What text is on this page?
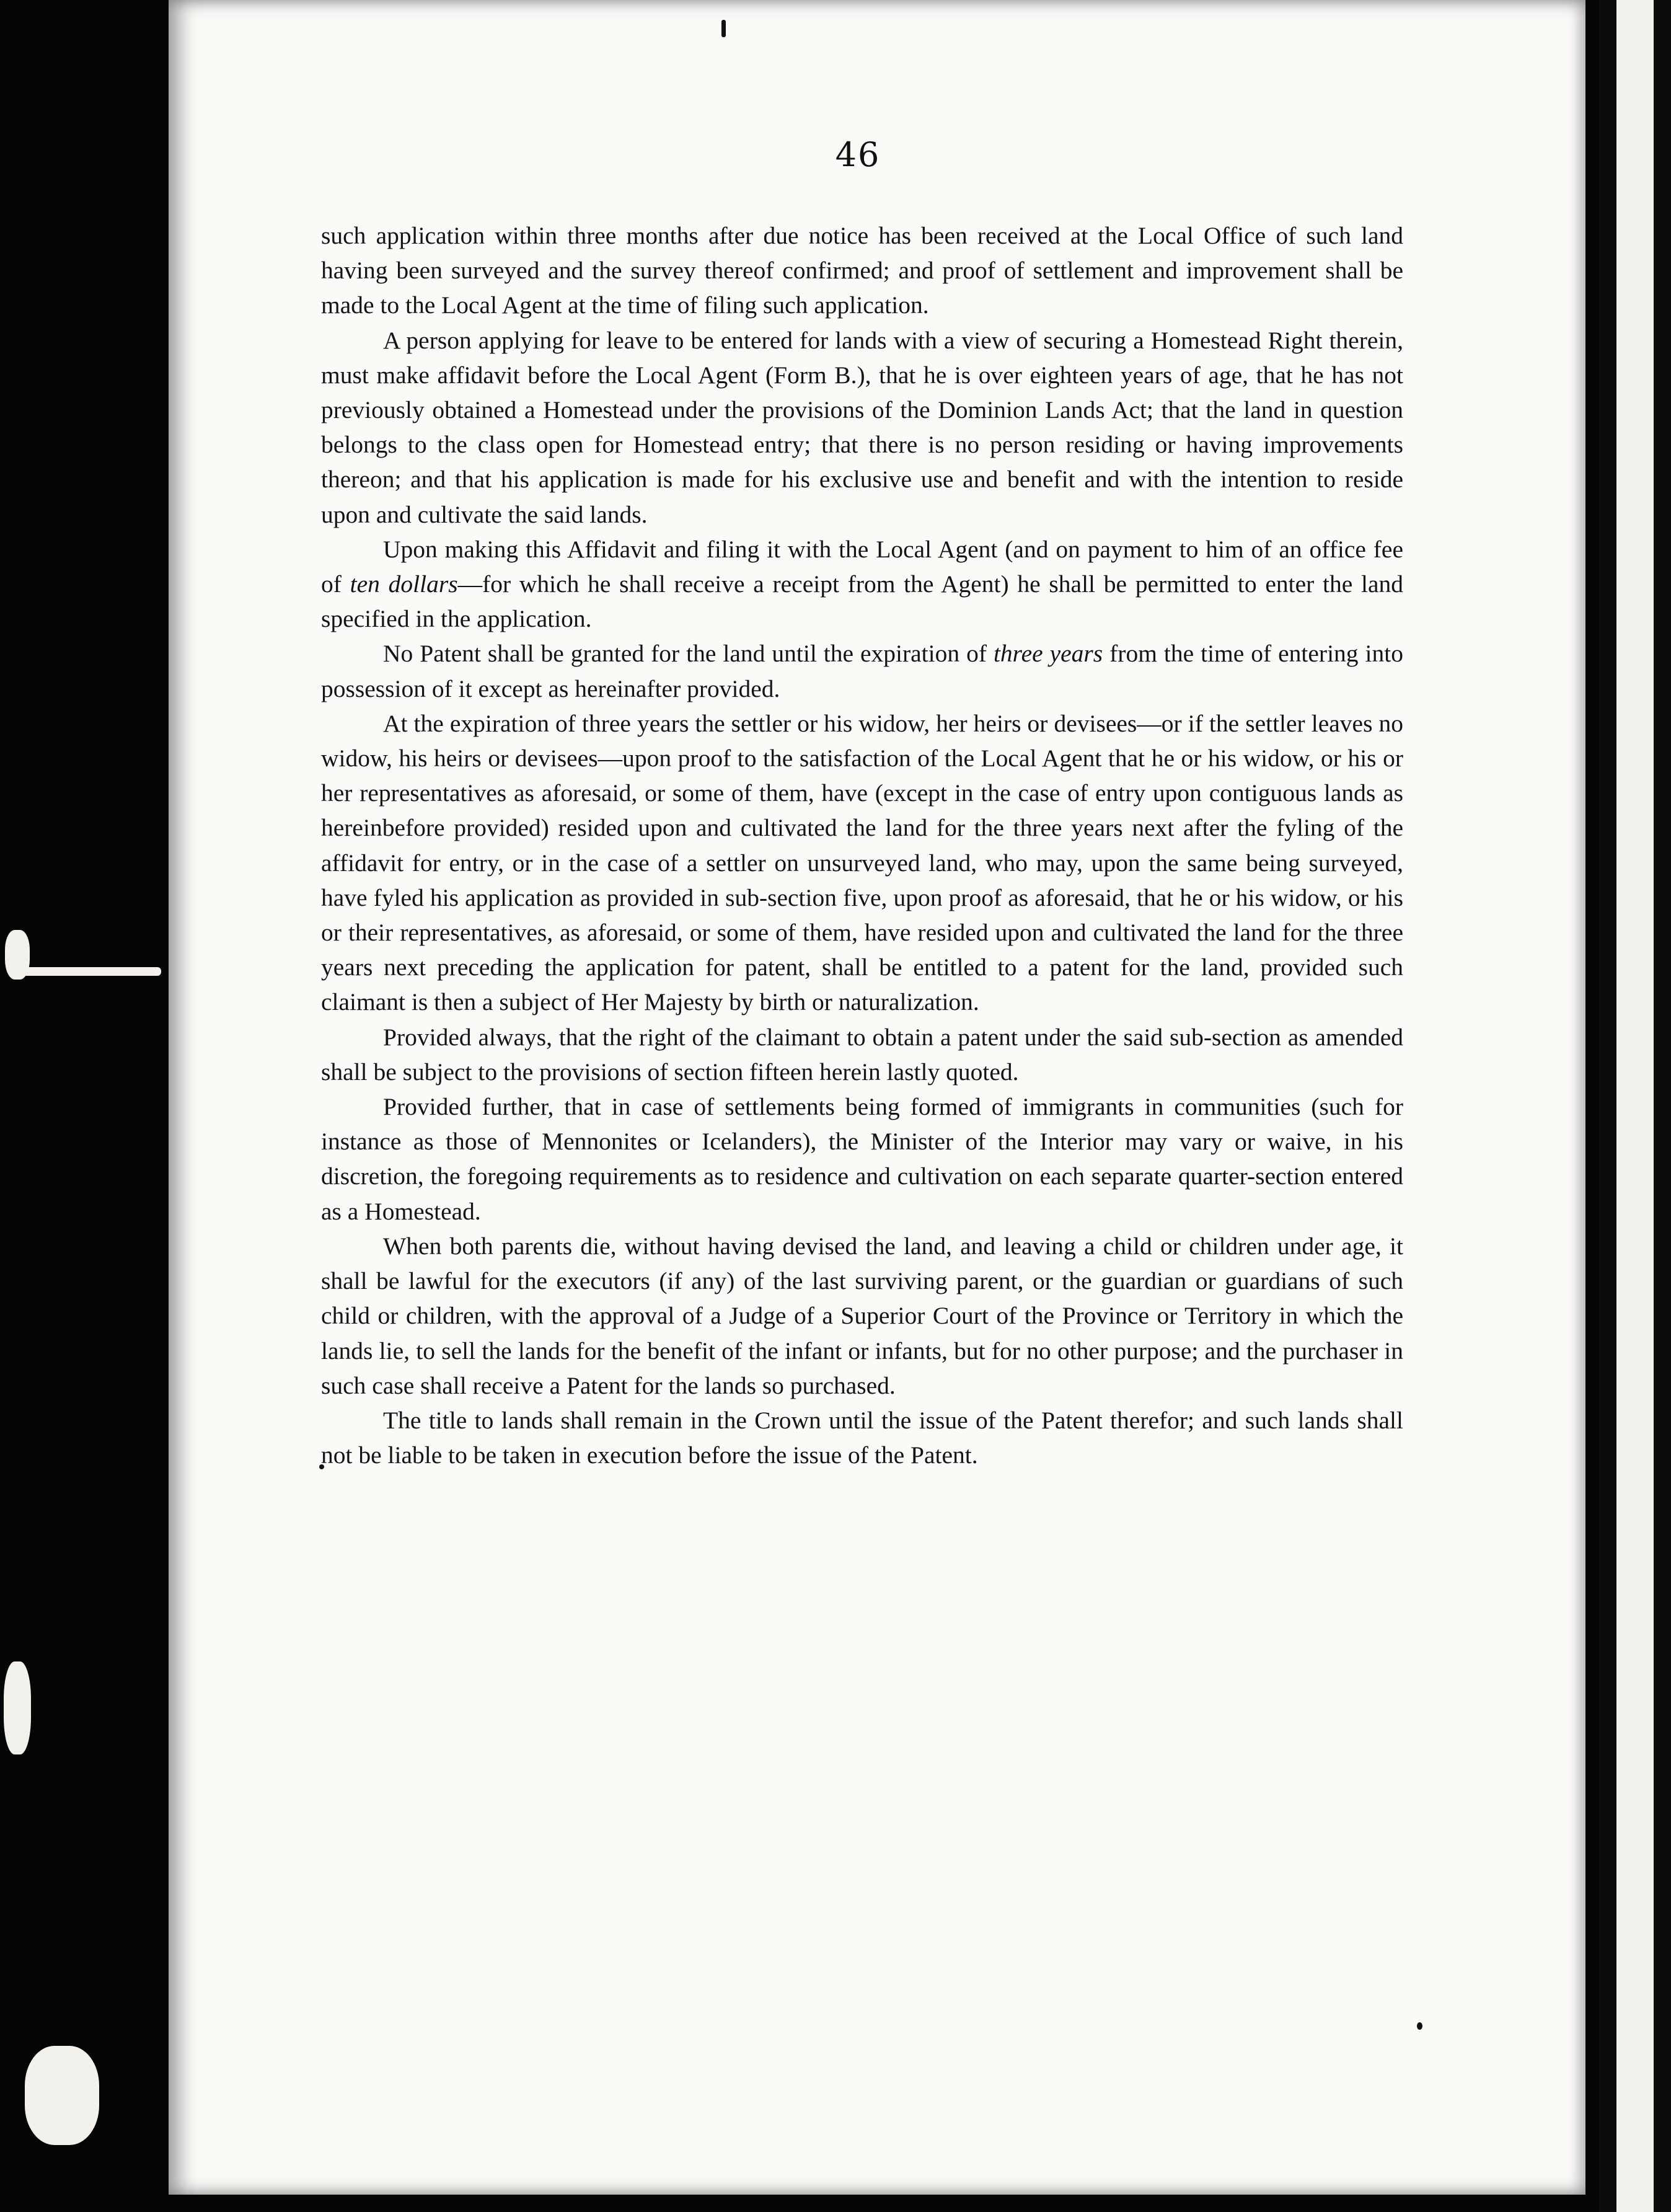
46

such application within three months after due notice has been received at the Local Office of such land having been surveyed and the survey thereof confirmed; and proof of settlement and improvement shall be made to the Local Agent at the time of filing such application.

A person applying for leave to be entered for lands with a view of securing a Homestead Right therein, must make affidavit before the Local Agent (Form B.), that he is over eighteen years of age, that he has not previously obtained a Homestead under the provisions of the Dominion Lands Act; that the land in question belongs to the class open for Homestead entry; that there is no person residing or having improvements thereon; and that his application is made for his exclusive use and benefit and with the intention to reside upon and cultivate the said lands.

Upon making this Affidavit and filing it with the Local Agent (and on payment to him of an office fee of ten dollars—for which he shall receive a receipt from the Agent) he shall be permitted to enter the land specified in the application.

No Patent shall be granted for the land until the expiration of three years from the time of entering into possession of it except as hereinafter provided.

At the expiration of three years the settler or his widow, her heirs or devisees—or if the settler leaves no widow, his heirs or devisees—upon proof to the satisfaction of the Local Agent that he or his widow, or his or her representatives as aforesaid, or some of them, have (except in the case of entry upon contiguous lands as hereinbefore provided) resided upon and cultivated the land for the three years next after the fyling of the affidavit for entry, or in the case of a settler on unsurveyed land, who may, upon the same being surveyed, have fyled his application as provided in sub-section five, upon proof as aforesaid, that he or his widow, or his or their representatives, as aforesaid, or some of them, have resided upon and cultivated the land for the three years next preceding the application for patent, shall be entitled to a patent for the land, provided such claimant is then a subject of Her Majesty by birth or naturalization.

Provided always, that the right of the claimant to obtain a patent under the said sub-section as amended shall be subject to the provisions of section fifteen herein lastly quoted.

Provided further, that in case of settlements being formed of immigrants in communities (such for instance as those of Mennonites or Icelanders), the Minister of the Interior may vary or waive, in his discretion, the foregoing requirements as to residence and cultivation on each separate quarter-section entered as a Homestead.

When both parents die, without having devised the land, and leaving a child or children under age, it shall be lawful for the executors (if any) of the last surviving parent, or the guardian or guardians of such child or children, with the approval of a Judge of a Superior Court of the Province or Territory in which the lands lie, to sell the lands for the benefit of the infant or infants, but for no other purpose; and the purchaser in such case shall receive a Patent for the lands so purchased.

The title to lands shall remain in the Crown until the issue of the Patent therefor; and such lands shall not be liable to be taken in execution before the issue of the Patent.
